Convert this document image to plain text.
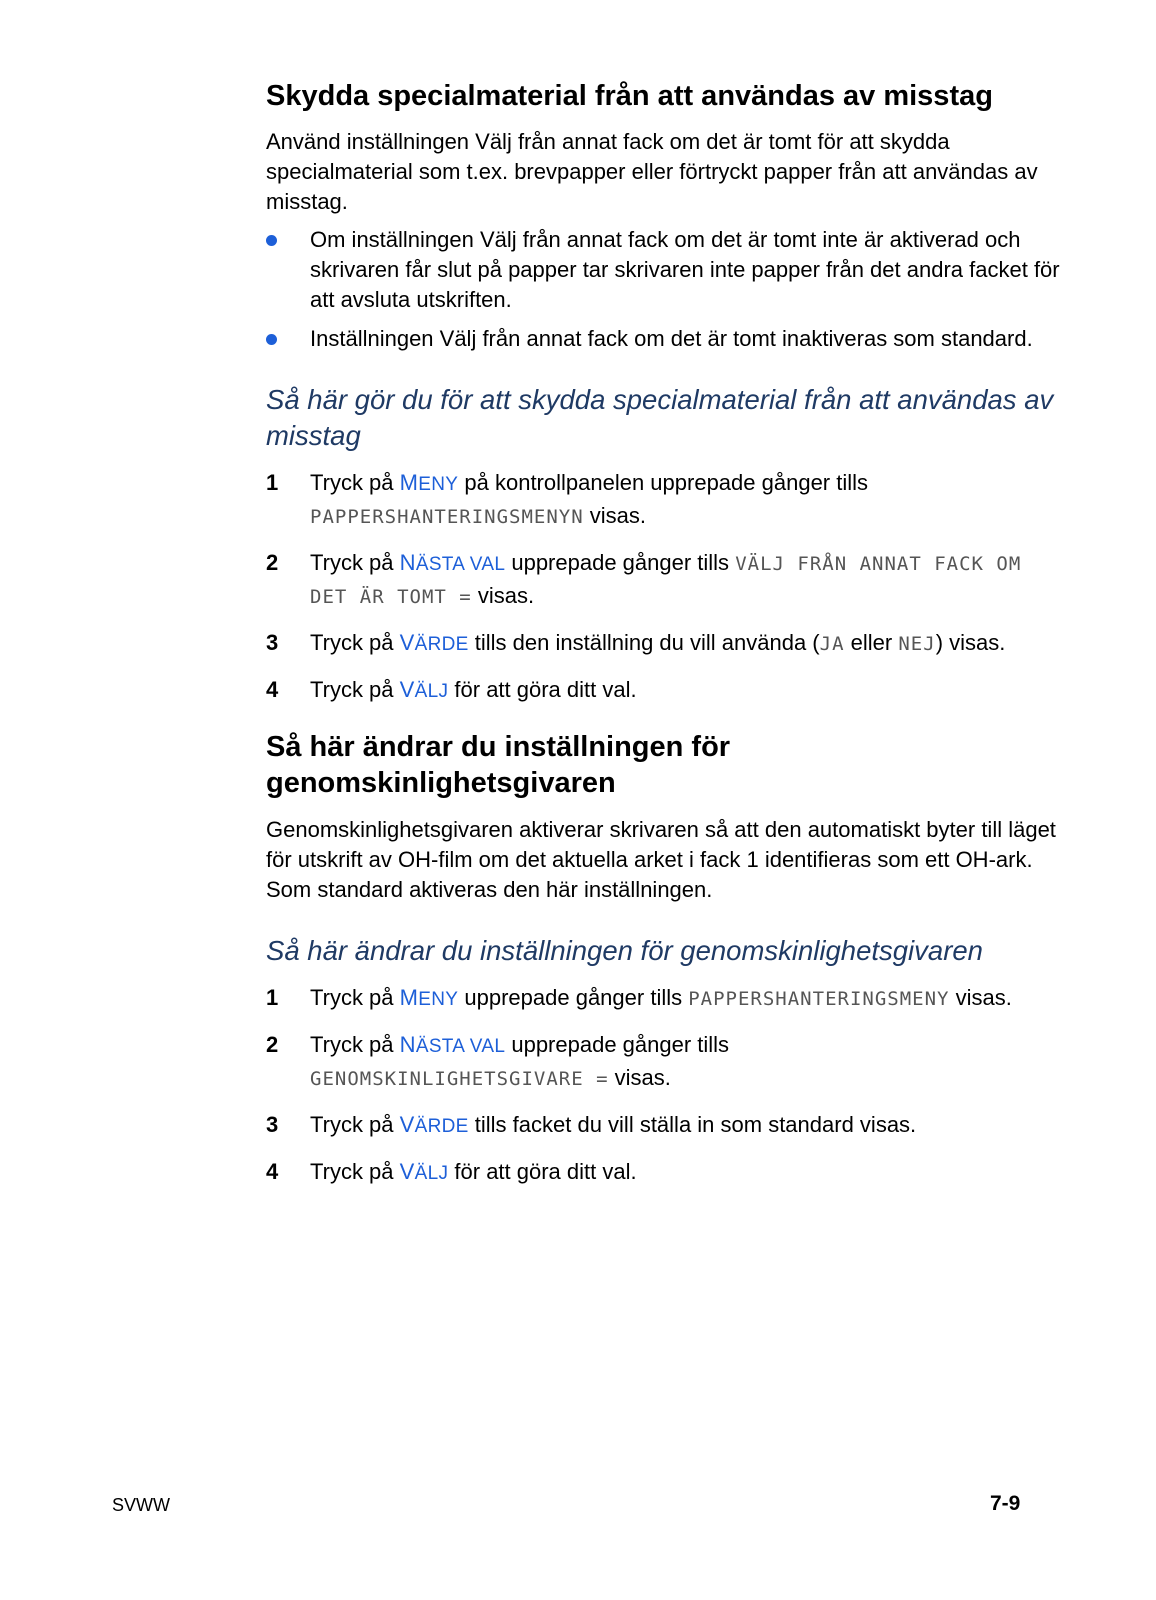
Skydda specialmaterial från att användas av misstag

Använd inställningen Välj från annat fack om det är tomt för att skydda specialmaterial som t.ex. brevpapper eller förtryckt papper från att användas av misstag.

Om inställningen Välj från annat fack om det är tomt inte är aktiverad och skrivaren får slut på papper tar skrivaren inte papper från det andra facket för att avsluta utskriften.
Inställningen Välj från annat fack om det är tomt inaktiveras som standard.
Så här gör du för att skydda specialmaterial från att användas av misstag
1 Tryck på MENY på kontrollpanelen upprepade gånger tills PAPPERSHANTERINGSMENYN visas.
2 Tryck på NÄSTA VAL upprepade gånger tills VÄLJ FRÅN ANNAT FACK OM DET ÄR TOMT = visas.
3 Tryck på VÄRDE tills den inställning du vill använda (JA eller NEJ) visas.
4 Tryck på VÄLJ för att göra ditt val.
Så här ändrar du inställningen för genomskinlighetsgivaren

Genomskinlighetsgivaren aktiverar skrivaren så att den automatiskt byter till läget för utskrift av OH-film om det aktuella arket i fack 1 identifieras som ett OH-ark. Som standard aktiveras den här inställningen.

Så här ändrar du inställningen för genomskinlighetsgivaren
1 Tryck på MENY upprepade gånger tills PAPPERSHANTERINGSMENY visas.
2 Tryck på NÄSTA VAL upprepade gånger tills
GENOMSKINLIGHETSGIVARE = visas.
3 Tryck på VÄRDE tills facket du vill ställa in som standard visas.
4 Tryck på VÄLJ för att göra ditt val.
SVWW	7-9
